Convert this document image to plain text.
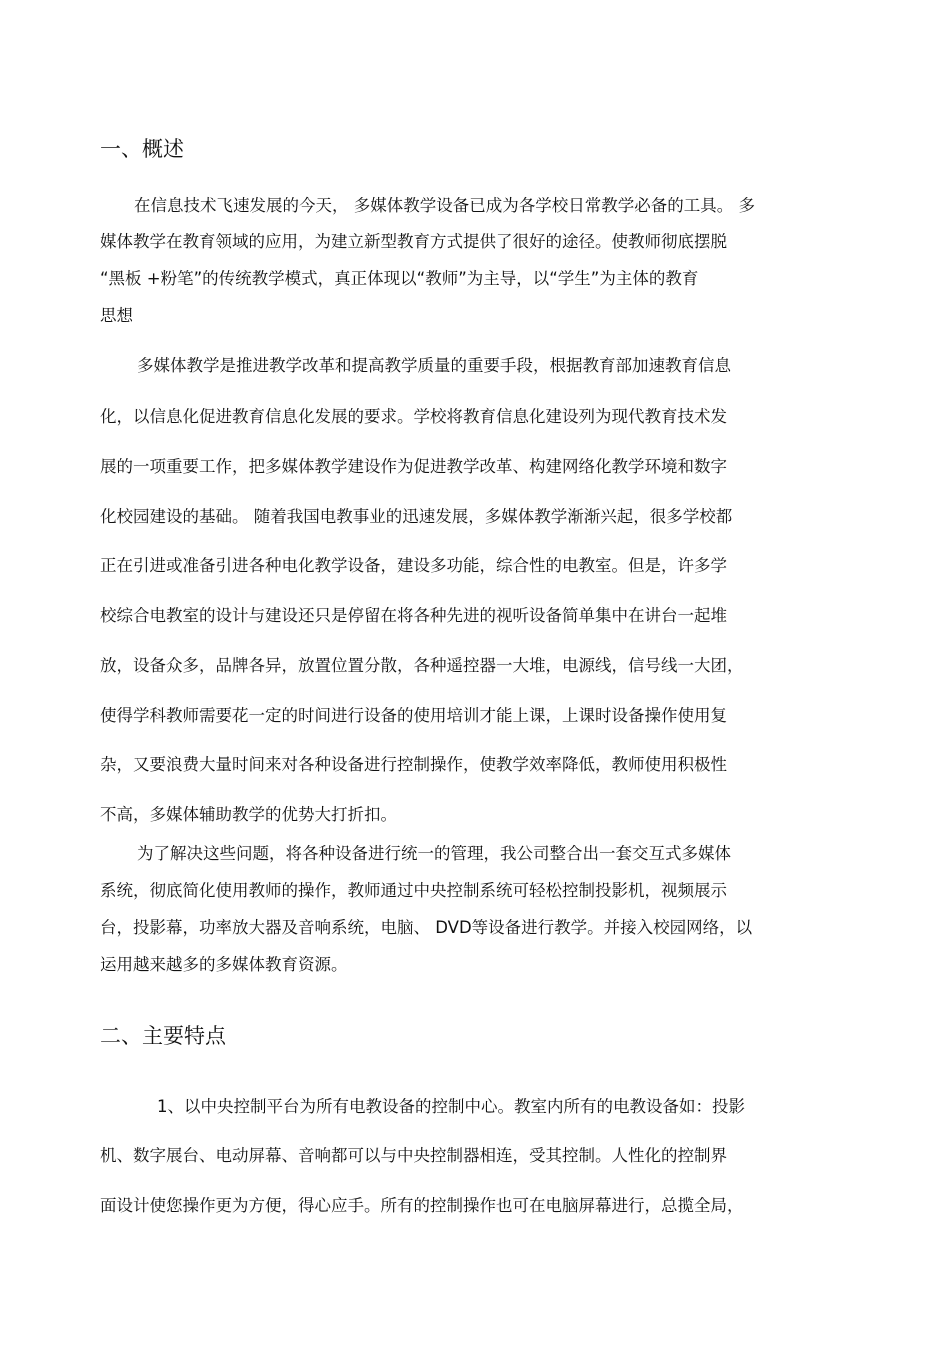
一、概述

在信息技术飞速发展的今天， 多媒体教学设备已成为各学校日常教学必备的工具。 多

媒体教学在教育领域的应用，为建立新型教育方式提供了很好的途径。使教师彻底摆脱

“黑板 +粉笔”的传统教学模式，真正体现以“教师”为主导，以“学生”为主体的教育

思想

多媒体教学是推进教学改革和提高教学质量的重要手段，根据教育部加速教育信息

化，以信息化促进教育信息化发展的要求。学校将教育信息化建设列为现代教育技术发

展的一项重要工作，把多媒体教学建设作为促进教学改革、构建网络化教学环境和数字

化校园建设的基础。 随着我国电教事业的迅速发展，多媒体教学渐渐兴起，很多学校都

正在引进或准备引进各种电化教学设备，建设多功能，综合性的电教室。但是，许多学

校综合电教室的设计与建设还只是停留在将各种先进的视听设备简单集中在讲台一起堆

放，设备众多，品牌各异，放置位置分散，各种遥控器一大堆，电源线，信号线一大团，

使得学科教师需要花一定的时间进行设备的使用培训才能上课，上课时设备操作使用复

杂，又要浪费大量时间来对各种设备进行控制操作，使教学效率降低，教师使用积极性

不高，多媒体辅助教学的优势大打折扣。

为了解决这些问题，将各种设备进行统一的管理，我公司整合出一套交互式多媒体

系统，彻底简化使用教师的操作，教师通过中央控制系统可轻松控制投影机，视频展示

台，投影幕，功率放大器及音响系统，电脑、 DVD等设备进行教学。并接入校园网络，以

运用越来越多的多媒体教育资源。

二、主要特点

1、以中央控制平台为所有电教设备的控制中心。教室内所有的电教设备如：投影

机、数字展台、电动屏幕、音响都可以与中央控制器相连，受其控制。人性化的控制界

面设计使您操作更为方便，得心应手。所有的控制操作也可在电脑屏幕进行，总揽全局，
